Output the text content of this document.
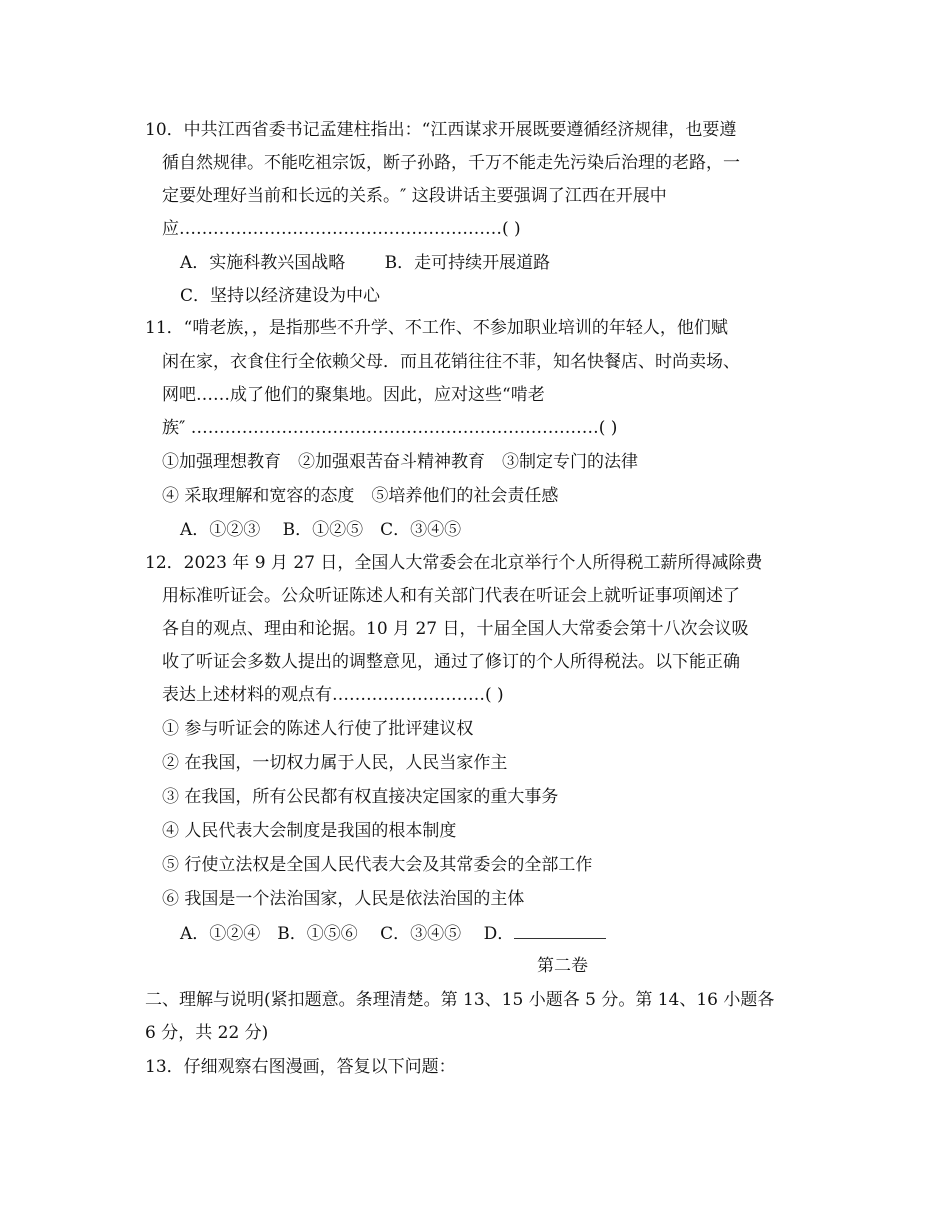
10．中共江西省委书记孟建柱指出：“江西谋求开展既要遵循经济规律，也要遵
循自然规律。不能吃祖宗饭，断子孙路，千万不能走先污染后治理的老路，一
定要处理好当前和长远的关系。″ 这段讲话主要强调了江西在开展中
应…………………………………………………( )
A．实施科教兴国战略　　 B．走可持续开展道路
C．坚持以经济建设为中心
11．“啃老族，，是指那些不升学、不工作、不参加职业培训的年轻人，他们赋
闲在家，衣食住行全依赖父母．而且花销往往不菲，知名快餐店、时尚卖场、
网吧……成了他们的聚集地。因此，应对这些“啃老
族″ ………………………………………………………………( )
①加强理想教育　②加强艰苦奋斗精神教育　③制定专门的法律
④ 采取理解和宽容的态度　⑤培养他们的社会责任感
A．①②③　 B．①②⑤　C．③④⑤
12．2023 年 9 月 27 日，全国人大常委会在北京举行个人所得税工薪所得减除费
用标准听证会。公众听证陈述人和有关部门代表在听证会上就听证事项阐述了
各自的观点、理由和论据。10 月 27 日，十届全国人大常委会第十八次会议吸
收了听证会多数人提出的调整意见，通过了修订的个人所得税法。以下能正确
表达上述材料的观点有………………………( )
① 参与听证会的陈述人行使了批评建议权
② 在我国，一切权力属于人民，人民当家作主
③ 在我国，所有公民都有权直接决定国家的重大事务
④ 人民代表大会制度是我国的根本制度
⑤ 行使立法权是全国人民代表大会及其常委会的全部工作
⑥ 我国是一个法治国家，人民是依法治国的主体
A．①②④　B．①⑤⑥　 C．③④⑤　 D．
第二卷
二、理解与说明(紧扣题意。条理清楚。第 13、15 小题各 5 分。第 14、16 小题各
6 分，共 22 分)
13．仔细观察右图漫画，答复以下问题：
